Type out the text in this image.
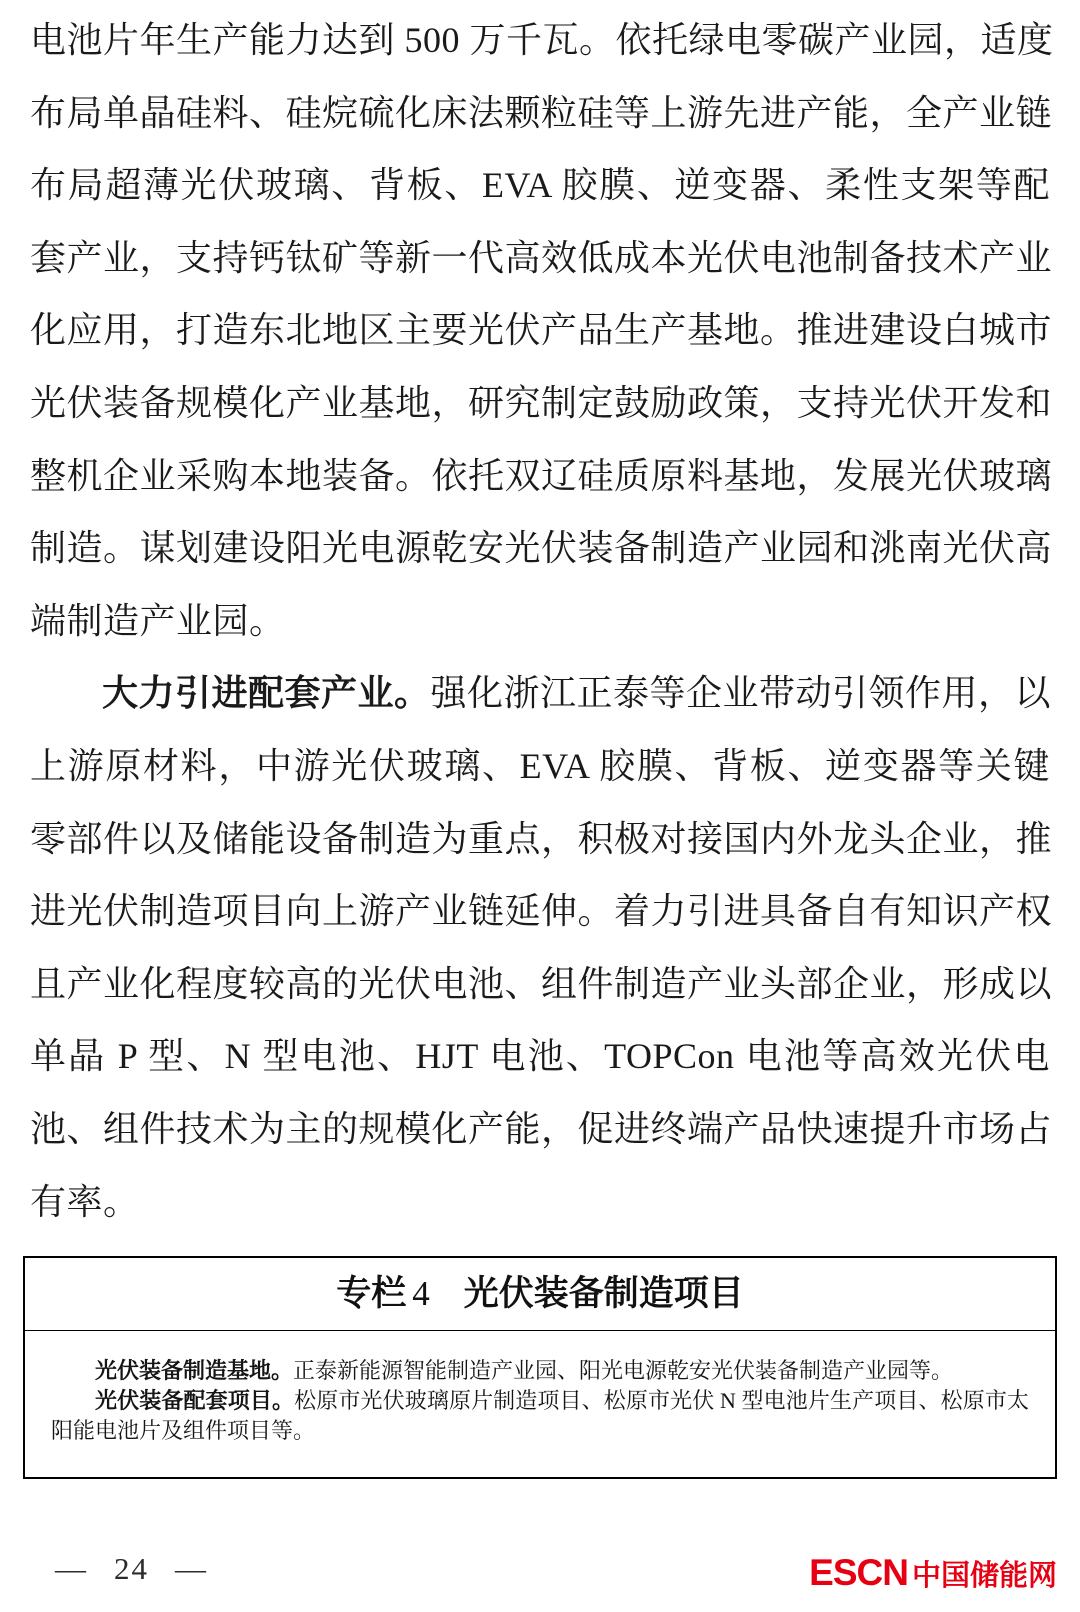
电池片年生产能力达到 500 万千瓦。依托绿电零碳产业园，适度
布局单晶硅料、硅烷硫化床法颗粒硅等上游先进产能，全产业链
布局超薄光伏玻璃、背板、EVA 胶膜、逆变器、柔性支架等配
套产业，支持钙钛矿等新一代高效低成本光伏电池制备技术产业
化应用，打造东北地区主要光伏产品生产基地。推进建设白城市
光伏装备规模化产业基地，研究制定鼓励政策，支持光伏开发和
整机企业采购本地装备。依托双辽硅质原料基地，发展光伏玻璃
制造。谋划建设阳光电源乾安光伏装备制造产业园和洮南光伏高
端制造产业园。
大力引进配套产业。强化浙江正泰等企业带动引领作用，以
上游原材料，中游光伏玻璃、EVA 胶膜、背板、逆变器等关键
零部件以及储能设备制造为重点，积极对接国内外龙头企业，推
进光伏制造项目向上游产业链延伸。着力引进具备自有知识产权
且产业化程度较高的光伏电池、组件制造产业头部企业，形成以
单晶 P 型、N 型电池、HJT 电池、TOPCon 电池等高效光伏电
池、组件技术为主的规模化产能，促进终端产品快速提升市场占
有率。
专栏 4 光伏装备制造项目
光伏装备制造基地。正泰新能源智能制造产业园、阳光电源乾安光伏装备制造产业园等。
光伏装备配套项目。松原市光伏玻璃原片制造项目、松原市光伏 N 型电池片生产项目、松原市太阳能电池片及组件项目等。
— 24 —	ESCN 中国储能网
